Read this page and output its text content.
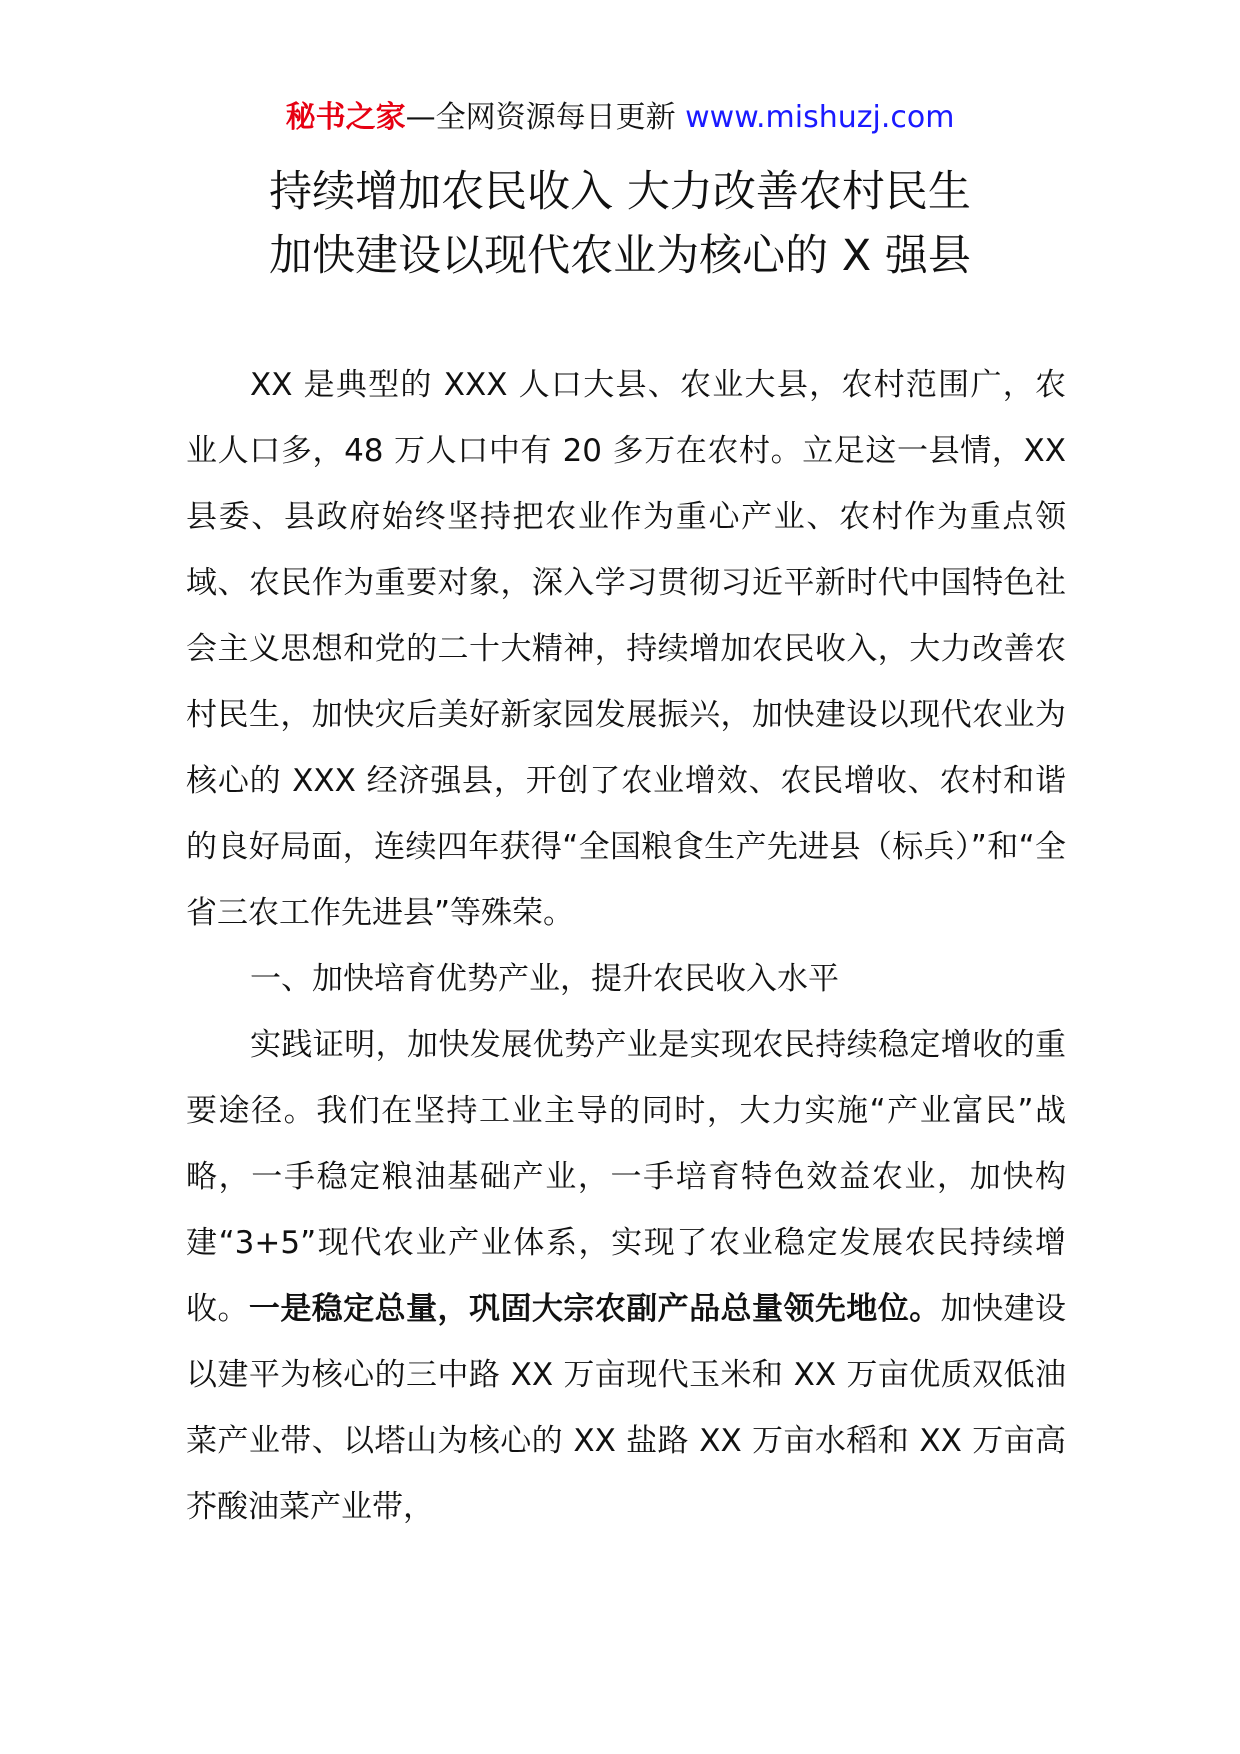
秘书之家—全网资源每日更新 www.mishuzj.com
持续增加农民收入 大力改善农村民生
加快建设以现代农业为核心的 X 强县

XX 是典型的 XXX 人口大县、农业大县，农村范围广，农业人口多，48 万人口中有 20 多万在农村。立足这一县情，XX 县委、县政府始终坚持把农业作为重心产业、农村作为重点领域、农民作为重要对象，深入学习贯彻习近平新时代中国特色社会主义思想和党的二十大精神，持续增加农民收入，大力改善农村民生，加快灾后美好新家园发展振兴，加快建设以现代农业为核心的 XXX 经济强县，开创了农业增效、农民增收、农村和谐的良好局面，连续四年获得“全国粮食生产先进县（标兵）”和“全省三农工作先进县”等殊荣。

一、加快培育优势产业，提升农民收入水平

实践证明，加快发展优势产业是实现农民持续稳定增收的重要途径。我们在坚持工业主导的同时，大力实施“产业富民”战略，一手稳定粮油基础产业，一手培育特色效益农业，加快构建“3+5”现代农业产业体系，实现了农业稳定发展农民持续增收。一是稳定总量，巩固大宗农副产品总量领先地位。加快建设以建平为核心的三中路 XX 万亩现代玉米和 XX 万亩优质双低油菜产业带、以塔山为核心的 XX 盐路 XX 万亩水稻和 XX 万亩高芥酸油菜产业带，
